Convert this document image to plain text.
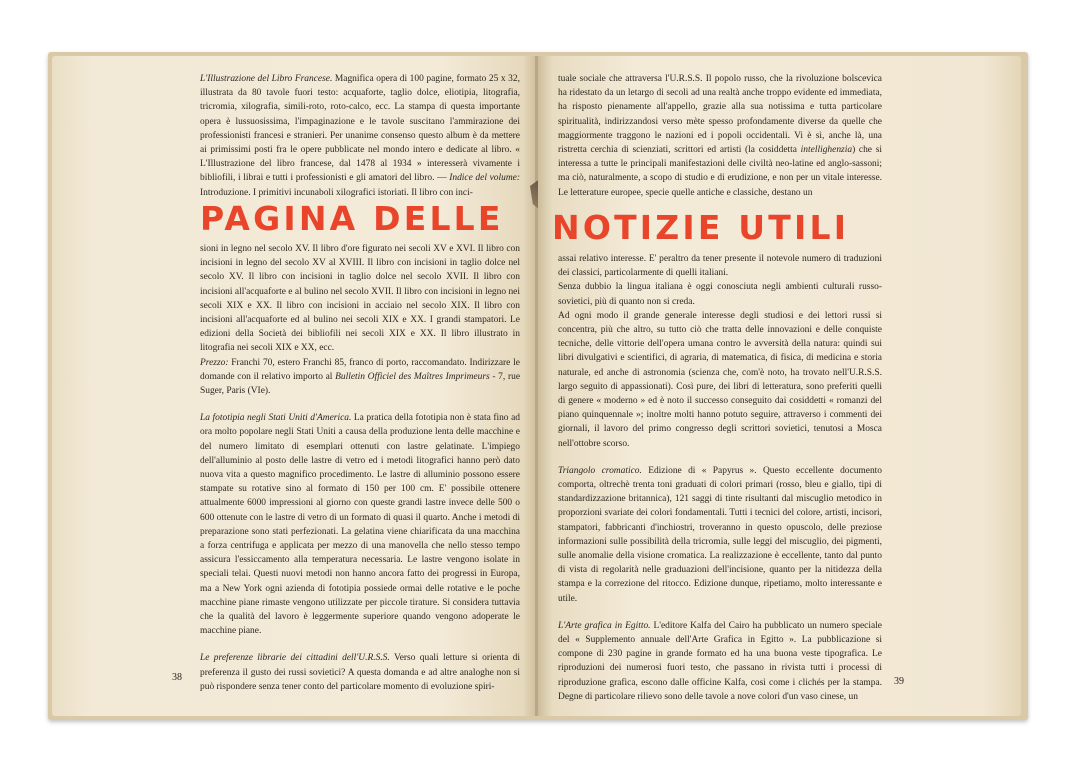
L'Illustrazione del Libro Francese. Magnifica opera di 100 pagine, formato 25 x 32, illustrata da 80 tavole fuori testo: acquaforte, taglio dolce, eliotipia, litografia, tricromia, xilografia, simili-roto, roto-calco, ecc. La stampa di questa importante opera è lussuosissima, l'impaginazione e le tavole suscitano l'ammirazione dei professionisti francesi e stranieri. Per unanime consenso questo album è da mettere ai primissimi posti fra le opere pubblicate nel mondo intero e dedicate al libro. « L'Illustrazione del libro francese, dal 1478 al 1934 » interesserà vivamente i bibliofili, i librai e tutti i professionisti e gli amatori del libro. — Indice del volume: Introduzione. I primitivi incunaboli xilografici istoriati. Il libro con inci-
PAGINA DELLE

sioni in legno nel secolo XV. Il libro d'ore figurato nei secoli XV e XVI. Il libro con incisioni in legno del secolo XV al XVIII. Il libro con incisioni in taglio dolce nel secolo XV. Il libro con incisioni in taglio dolce nel secolo XVII. Il libro con incisioni all'acquaforte e al bulino nel secolo XVII. Il libro con incisioni in legno nei secoli XIX e XX. Il libro con incisioni in acciaio nel secolo XIX. Il libro con incisioni all'acquaforte ed al bulino nei secoli XIX e XX. I grandi stampatori. Le edizioni della Società dei bibliofili nei secoli XIX e XX. Il libro illustrato in litografia nei secoli XIX e XX, ecc.

Prezzo: Franchi 70, estero Franchi 85, franco di porto, raccomandato. Indirizzare le domande con il relativo importo al Bulletin Officiel des Maîtres Imprimeurs - 7, rue Suger, Paris (VIe).

La fototipia negli Stati Uniti d'America. La pratica della fototipia non è stata fino ad ora molto popolare negli Stati Uniti a causa della produzione lenta delle macchine e del numero limitato di esemplari ottenuti con lastre gelatinate. L'impiego dell'alluminio al posto delle lastre di vetro ed i metodi litografici hanno però dato nuova vita a questo magnifico procedimento. Le lastre di alluminio possono essere stampate su rotative sino al formato di 150 per 100 cm. E' possibile ottenere attualmente 6000 impressioni al giorno con queste grandi lastre invece delle 500 o 600 ottenute con le lastre di vetro di un formato di quasi il quarto. Anche i metodi di preparazione sono stati perfezionati. La gelatina viene chiarificata da una macchina a forza centrifuga e applicata per mezzo di una manovella che nello stesso tempo assicura l'essiccamento alla temperatura necessaria. Le lastre vengono isolate in speciali telai. Questi nuovi metodi non hanno ancora fatto dei progressi in Europa, ma a New York ogni azienda di fototipia possiede ormai delle rotative e le poche macchine piane rimaste vengono utilizzate per piccole tirature. Si considera tuttavia che la qualità del lavoro è leggermente superiore quando vengono adoperate le macchine piane.

Le preferenze librarie dei cittadini dell'U.R.S.S. Verso quali letture si orienta di preferenza il gusto dei russi sovietici? A questa domanda e ad altre analoghe non si può rispondere senza tener conto del particolare momento di evoluzione spiri-

38
tuale sociale che attraversa l'U.R.S.S. Il popolo russo, che la rivoluzione bolscevica ha ridestato da un letargo di secoli ad una realtà anche troppo evidente ed immediata, ha risposto pienamente all'appello, grazie alla sua notissima e tutta particolare spiritualità, indirizzandosi verso mète spesso profondamente diverse da quelle che maggiormente traggono le nazioni ed i popoli occidentali. Vi è sì, anche là, una ristretta cerchia di scienziati, scrittori ed artisti (la cosiddetta intellighenzia) che si interessa a tutte le principali manifestazioni delle civiltà neo-latine ed anglo-sassoni; ma ciò, naturalmente, a scopo di studio e di erudizione, e non per un vitale interesse. Le letterature europee, specie quelle antiche e classiche, destano un
NOTIZIE UTILI

assai relativo interesse. E' peraltro da tener presente il notevole numero di traduzioni dei classici, particolarmente di quelli italiani.

Senza dubbio la lingua italiana è oggi conosciuta negli ambienti culturali russo-sovietici, più di quanto non si creda.

Ad ogni modo il grande generale interesse degli studiosi e dei lettori russi si concentra, più che altro, su tutto ciò che tratta delle innovazioni e delle conquiste tecniche, delle vittorie dell'opera umana contro le avversità della natura: quindi sui libri divulgativi e scientifici, di agraria, di matematica, di fisica, di medicina e storia naturale, ed anche di astronomia (scienza che, com'è noto, ha trovato nell'U.R.S.S. largo seguito di appassionati). Così pure, dei libri di letteratura, sono preferiti quelli di genere « moderno » ed è noto il successo conseguito dai cosiddetti « romanzi del piano quinquennale »; inoltre molti hanno potuto seguire, attraverso i commenti dei giornali, il lavoro del primo congresso degli scrittori sovietici, tenutosi a Mosca nell'ottobre scorso.

Triangolo cromatico. Edizione di « Papyrus ». Questo eccellente documento comporta, oltrechè trenta toni graduati di colori primari (rosso, bleu e giallo, tipi di standardizzazione britannica), 121 saggi di tinte risultanti dal miscuglio metodico in proporzioni svariate dei colori fondamentali. Tutti i tecnici del colore, artisti, incisori, stampatori, fabbricanti d'inchiostri, troveranno in questo opuscolo, delle preziose informazioni sulle possibilità della tricromia, sulle leggi del miscuglio, dei pigmenti, sulle anomalie della visione cromatica. La realizzazione è eccellente, tanto dal punto di vista di regolarità nelle graduazioni dell'incisione, quanto per la nitidezza della stampa e la correzione del ritocco. Edizione dunque, ripetiamo, molto interessante e utile.

L'Arte grafica in Egitto. L'editore Kalfa del Cairo ha pubblicato un numero speciale del « Supplemento annuale dell'Arte Grafica in Egitto ». La pubblicazione si compone di 230 pagine in grande formato ed ha una buona veste tipografica. Le riproduzioni dei numerosi fuori testo, che passano in rivista tutti i processi di riproduzione grafica, escono dalle officine Kalfa, così come i clichés per la stampa. Degne di particolare rilievo sono delle tavole a nove colori d'un vaso cinese, un

39
